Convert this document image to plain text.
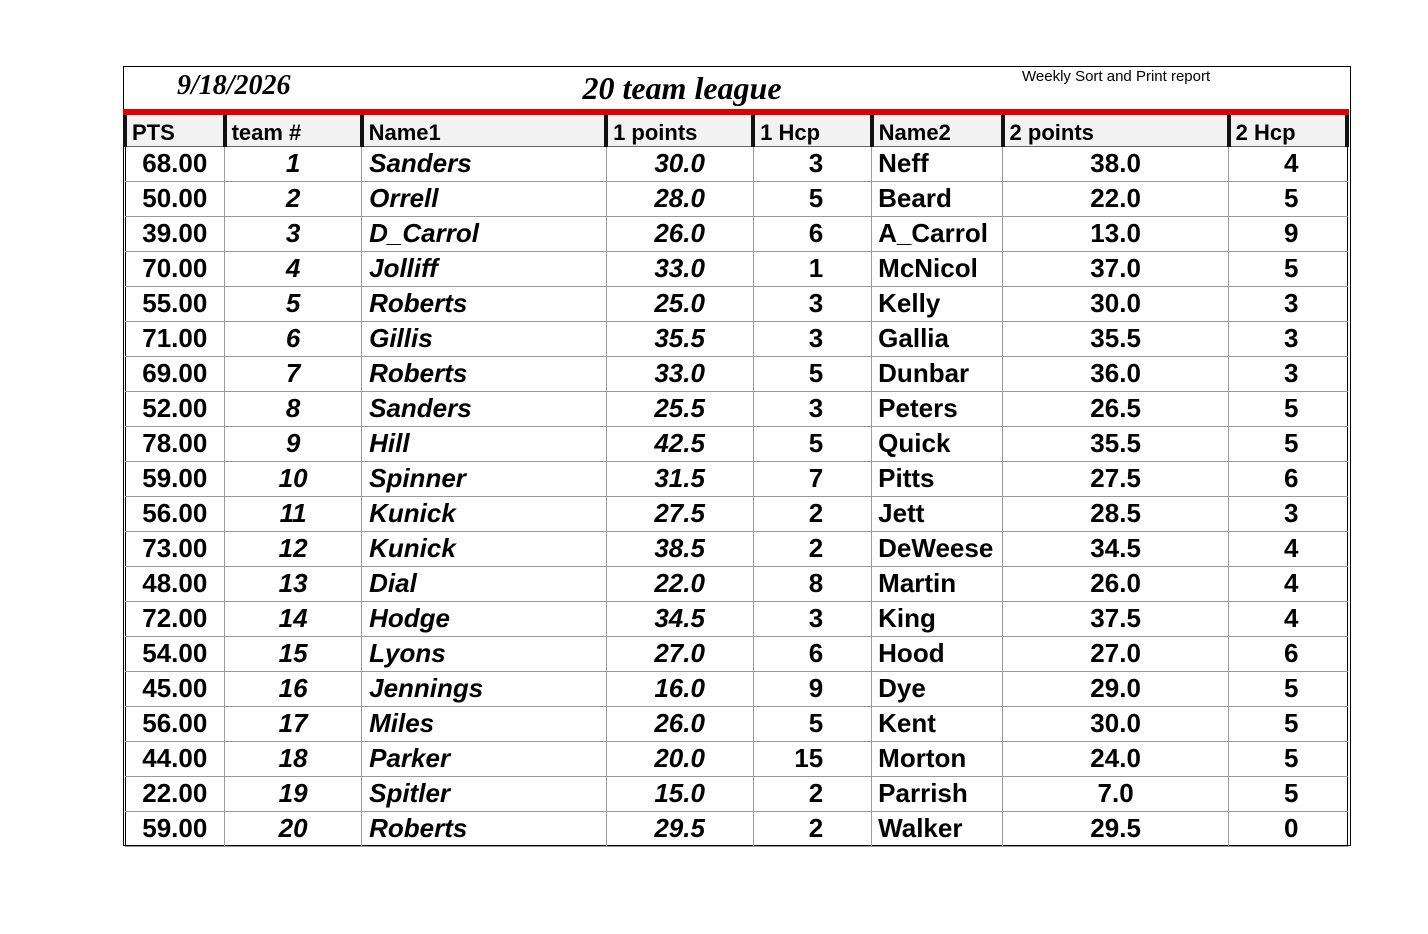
9/18/2026	20 team league	Weekly Sort and Print report
PTS	team #	Name1	1 points	1 Hcp	Name2	2 points	2 Hcp
68.00	1	Sanders	30.0	3	Neff	38.0	4
50.00	2	Orrell	28.0	5	Beard	22.0	5
39.00	3	D_Carrol	26.0	6	A_Carrol	13.0	9
70.00	4	Jolliff	33.0	1	McNicol	37.0	5
55.00	5	Roberts	25.0	3	Kelly	30.0	3
71.00	6	Gillis	35.5	3	Gallia	35.5	3
69.00	7	Roberts	33.0	5	Dunbar	36.0	3
52.00	8	Sanders	25.5	3	Peters	26.5	5
78.00	9	Hill	42.5	5	Quick	35.5	5
59.00	10	Spinner	31.5	7	Pitts	27.5	6
56.00	11	Kunick	27.5	2	Jett	28.5	3
73.00	12	Kunick	38.5	2	DeWeese	34.5	4
48.00	13	Dial	22.0	8	Martin	26.0	4
72.00	14	Hodge	34.5	3	King	37.5	4
54.00	15	Lyons	27.0	6	Hood	27.0	6
45.00	16	Jennings	16.0	9	Dye	29.0	5
56.00	17	Miles	26.0	5	Kent	30.0	5
44.00	18	Parker	20.0	15	Morton	24.0	5
22.00	19	Spitler	15.0	2	Parrish	7.0	5
59.00	20	Roberts	29.5	2	Walker	29.5	0
